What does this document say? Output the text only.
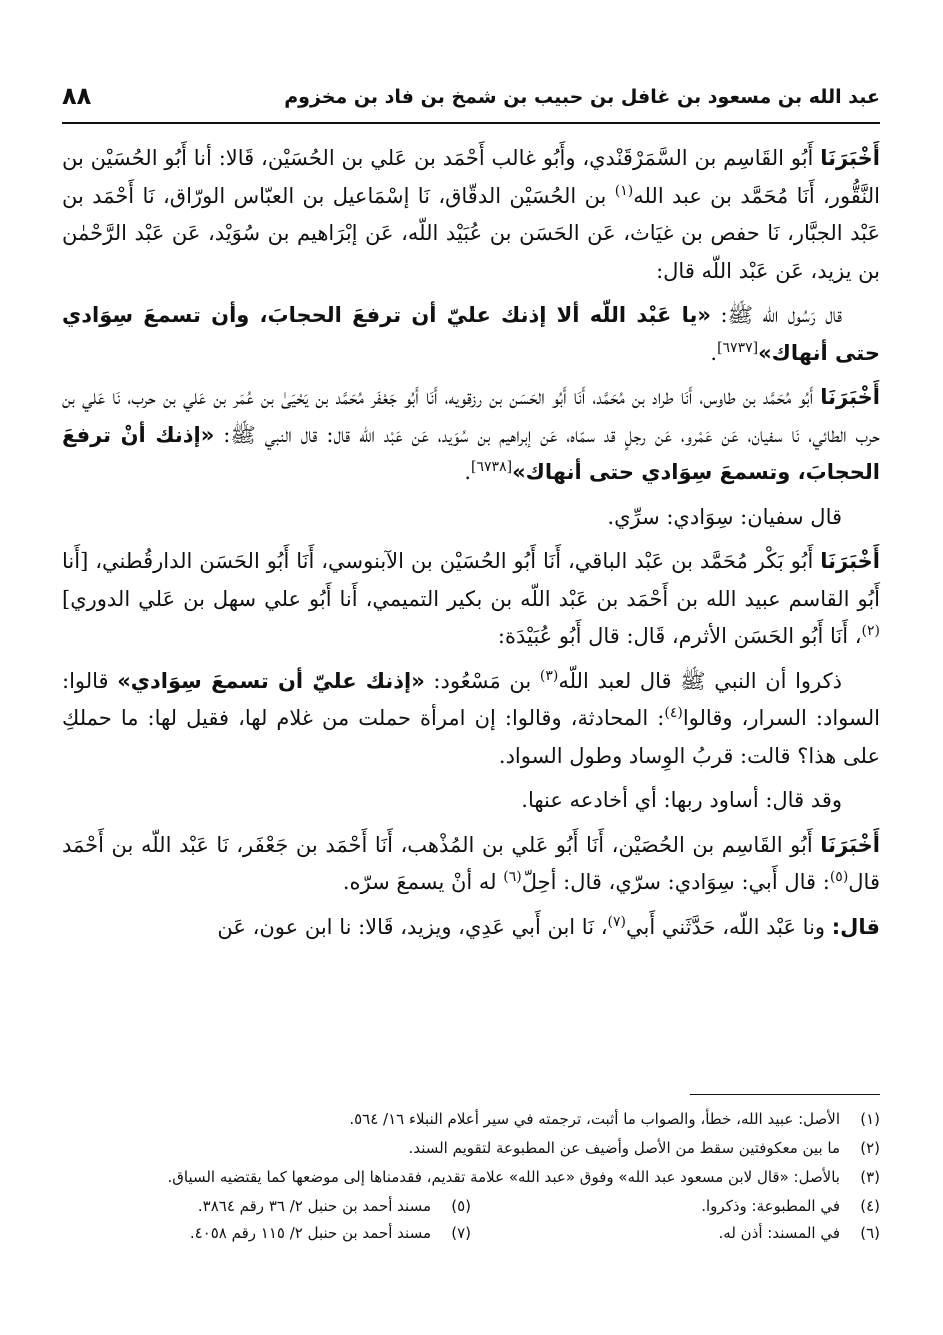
٨٨	عبد الله بن مسعود بن غافل بن حبيب بن شمخ بن فاد بن مخزوم

أَخْبَرَنَا أَبُو القَاسِم بن السَّمَرْقَنْدي، وأَبُو غالب أَحْمَد بن عَلي بن الحُسَيْن، قَالا: أنا أَبُو الحُسَيْن بن النَّقُّور، أَنَا مُحَمَّد بن عبد الله$^{(١)}$ بن الحُسَيْن الدقّاق، نَا إسْمَاعيل بن العبّاس الورّاق، نَا أَحْمَد بن عَبْد الجبَّار، نَا حفص بن غيَاث، عَن الحَسَن بن عُبَيْد اللّه، عَن إبْرَاهيم بن سُوَيْد، عَن عَبْد الرَّحْمٰن بن يزيد، عَن عَبْد اللّه قال:

قال رَسُول الله ﷺ: «يا عَبْد اللّه ألا إذنك عليّ أن ترفعَ الحجابَ، وأن تسمعَ سِوَادي حتى أنهاك»[٦٧٣٧].

أَخْبَرَنَا أَبُو مُحَمَّد بن طاوس، أَنَا طراد بن مُحَمَّد، أَنَا أَبُو الحَسَن بن رزقويه، أَنَا أَبُو جَعْفَر مُحَمَّد بن يَحْيَىٰ بن عُمَر بن عَلي بن حرب، نَا عَلي بن حرب الطائي، نَا سفيان، عَن عَمْرو، عَن رجلٍ قد سمّاه، عَن إبراهيم بن سُوَيد، عَن عَبْد اللّه قال: قال النبي ﷺ: «إذنك أنْ ترفعَ الحجابَ، وتسمعَ سِوَادي حتى أنهاك»[٦٧٣٨].

قال سفيان: سِوَادي: سرِّي.

أَخْبَرَنَا أَبُو بَكْر مُحَمَّد بن عَبْد الباقي، أَنَا أَبُو الحُسَيْن بن الآبنوسي، أَنَا أَبُو الحَسَن الدارقُطني، [أَنا أَبُو القاسم عبيد الله بن أَحْمَد بن عَبْد اللّه بن بكير التميمي، أَنا أَبُو علي سهل بن عَلي الدوري]$^{(٢)}$، أَنَا أَبُو الحَسَن الأثرم، قَال: قال أَبُو عُبَيْدَة:

ذكروا أن النبي ﷺ قال لعبد اللّه$^{(٣)}$ بن مَسْعُود: «إذنك عليّ أن تسمعَ سِوَادي» قالوا: السواد: السرار، وقالوا$^{(٤)}$: المحادثة، وقالوا: إن امرأة حملت من غلام لها، فقيل لها: ما حملكِ على هذا؟ قالت: قربُ الوِساد وطول السواد.

وقد قال: أساود ربها: أي أخادعه عنها.

أَخْبَرَنَا أَبُو القَاسِم بن الحُصَيْن، أَنَا أَبُو عَلي بن المُذْهب، أَنَا أَحْمَد بن جَعْفَر، نَا عَبْد اللّه بن أَحْمَد قال$^{(٥)}$: قال أَبي: سِوَادي: سرّي، قال: أحِلّ$^{(٦)}$ له أنْ يسمعَ سرّه.

قال: ونا عَبْد اللّه، حَدَّثَني أَبي$^{(٧)}$، نَا ابن أَبي عَدِي، ويزيد، قَالا: نا ابن عون، عَن

(١)
الأصل: عبيد الله، خطأ، والصواب ما أثبت، ترجمته في سير أعلام النبلاء ١٦/ ٥٦٤.
(٢)
ما بين معكوفتين سقط من الأصل وأضيف عن المطبوعة لتقويم السند.
(٣)
بالأصل: «قال لابن مسعود عبد الله» وفوق «عبد الله» علامة تقديم، فقدمناها إلى موضعها كما يقتضيه السياق.
(٤)
في المطبوعة: وذكروا.
(٥)
مسند أحمد بن حنبل ٢/ ٣٦ رقم ٣٨٦٤.
(٦)
في المسند: أذن له.
(٧)
مسند أحمد بن حنبل ٢/ ١١٥ رقم ٤٠٥٨.
